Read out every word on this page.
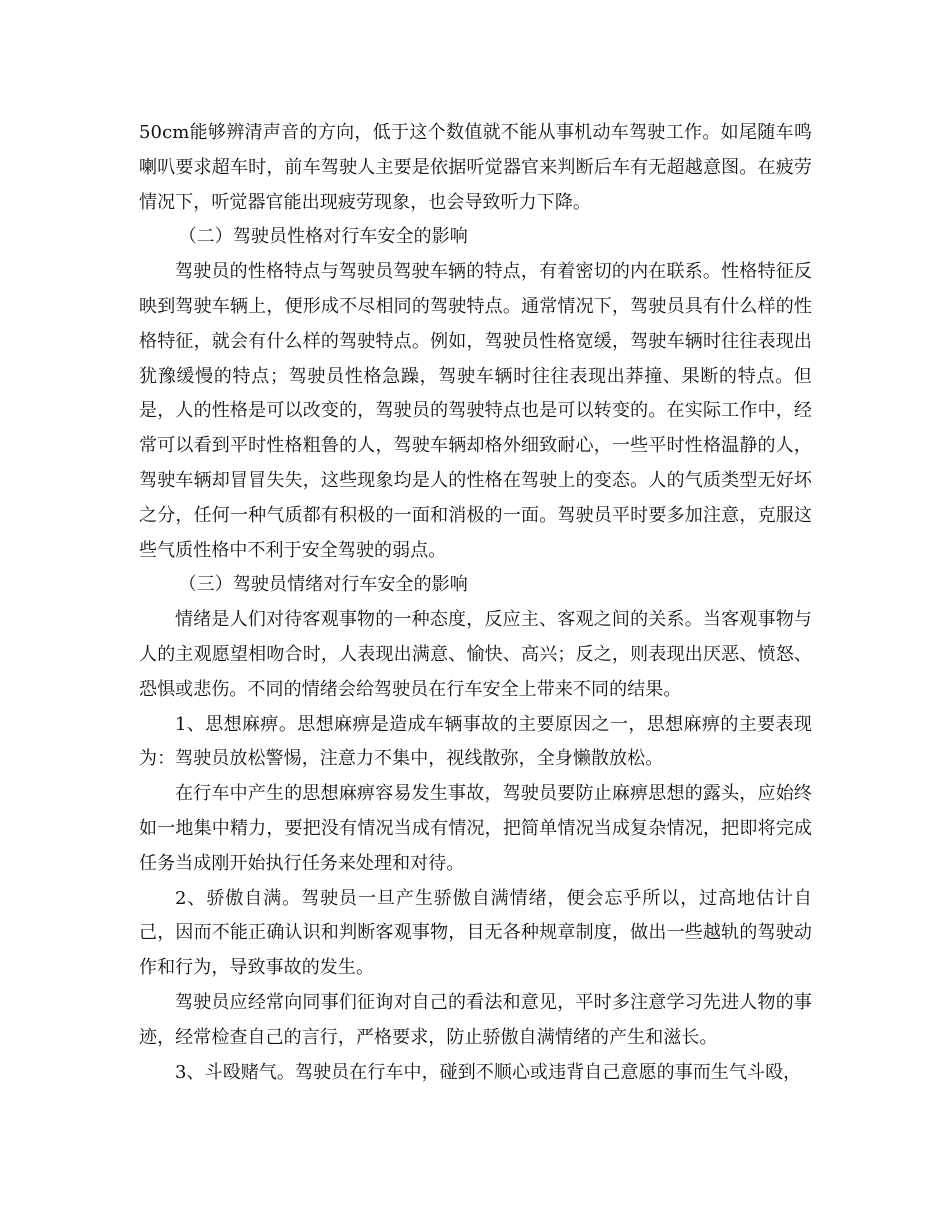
50cm能够辨清声音的方向，低于这个数值就不能从事机动车驾驶工作。如尾随车鸣喇叭要求超车时，前车驾驶人主要是依据听觉器官来判断后车有无超越意图。在疲劳情况下，听觉器官能出现疲劳现象，也会导致听力下降。

（二）驾驶员性格对行车安全的影响

驾驶员的性格特点与驾驶员驾驶车辆的特点，有着密切的内在联系。性格特征反映到驾驶车辆上，便形成不尽相同的驾驶特点。通常情况下，驾驶员具有什么样的性格特征，就会有什么样的驾驶特点。例如，驾驶员性格宽缓，驾驶车辆时往往表现出犹豫缓慢的特点；驾驶员性格急躁，驾驶车辆时往往表现出莽撞、果断的特点。但是，人的性格是可以改变的，驾驶员的驾驶特点也是可以转变的。在实际工作中，经常可以看到平时性格粗鲁的人，驾驶车辆却格外细致耐心，一些平时性格温静的人，驾驶车辆却冒冒失失，这些现象均是人的性格在驾驶上的变态。人的气质类型无好坏之分，任何一种气质都有积极的一面和消极的一面。驾驶员平时要多加注意，克服这些气质性格中不利于安全驾驶的弱点。

（三）驾驶员情绪对行车安全的影响

情绪是人们对待客观事物的一种态度，反应主、客观之间的关系。当客观事物与人的主观愿望相吻合时，人表现出满意、愉快、高兴；反之，则表现出厌恶、愤怒、恐惧或悲伤。不同的情绪会给驾驶员在行车安全上带来不同的结果。

1、思想麻痹。思想麻痹是造成车辆事故的主要原因之一，思想麻痹的主要表现为：驾驶员放松警惕，注意力不集中，视线散弥，全身懒散放松。

在行车中产生的思想麻痹容易发生事故，驾驶员要防止麻痹思想的露头，应始终如一地集中精力，要把没有情况当成有情况，把简单情况当成复杂情况，把即将完成任务当成刚开始执行任务来处理和对待。

2、骄傲自满。驾驶员一旦产生骄傲自满情绪，便会忘乎所以，过高地估计自己，因而不能正确认识和判断客观事物，目无各种规章制度，做出一些越轨的驾驶动作和行为，导致事故的发生。

驾驶员应经常向同事们征询对自己的看法和意见，平时多注意学习先进人物的事迹，经常检查自己的言行，严格要求，防止骄傲自满情绪的产生和滋长。

3、斗殴赌气。驾驶员在行车中，碰到不顺心或违背自己意愿的事而生气斗殴，
